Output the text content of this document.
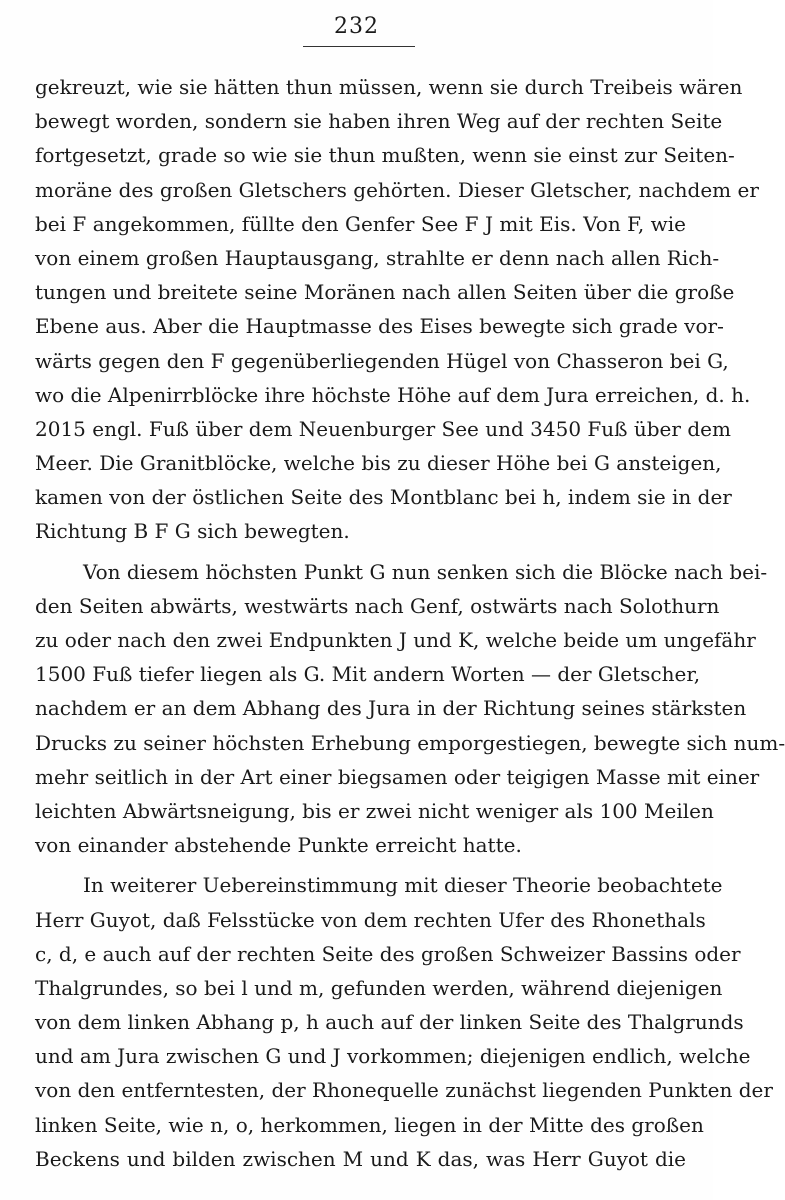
232
gekreuzt, wie sie hätten thun müssen, wenn sie durch Treibeis wären
bewegt worden, sondern sie haben ihren Weg auf der rechten Seite
fortgesetzt, grade so wie sie thun mußten, wenn sie einst zur Seiten-
moräne des großen Gletschers gehörten. Dieser Gletscher, nachdem er
bei F angekommen, füllte den Genfer See F J mit Eis. Von F, wie
von einem großen Hauptausgang, strahlte er denn nach allen Rich-
tungen und breitete seine Moränen nach allen Seiten über die große
Ebene aus. Aber die Hauptmasse des Eises bewegte sich grade vor-
wärts gegen den F gegenüberliegenden Hügel von Chasseron bei G,
wo die Alpenirrblöcke ihre höchste Höhe auf dem Jura erreichen, d. h.
2015 engl. Fuß über dem Neuenburger See und 3450 Fuß über dem
Meer. Die Granitblöcke, welche bis zu dieser Höhe bei G ansteigen,
kamen von der östlichen Seite des Montblanc bei h, indem sie in der
Richtung B F G sich bewegten.
Von diesem höchsten Punkt G nun senken sich die Blöcke nach bei-
den Seiten abwärts, westwärts nach Genf, ostwärts nach Solothurn
zu oder nach den zwei Endpunkten J und K, welche beide um ungefähr
1500 Fuß tiefer liegen als G. Mit andern Worten — der Gletscher,
nachdem er an dem Abhang des Jura in der Richtung seines stärksten
Drucks zu seiner höchsten Erhebung emporgestiegen, bewegte sich num-
mehr seitlich in der Art einer biegsamen oder teigigen Masse mit einer
leichten Abwärtsneigung, bis er zwei nicht weniger als 100 Meilen
von einander abstehende Punkte erreicht hatte.
In weiterer Uebereinstimmung mit dieser Theorie beobachtete
Herr Guyot, daß Felsstücke von dem rechten Ufer des Rhonethals
c, d, e auch auf der rechten Seite des großen Schweizer Bassins oder
Thalgrundes, so bei l und m, gefunden werden, während diejenigen
von dem linken Abhang p, h auch auf der linken Seite des Thalgrunds
und am Jura zwischen G und J vorkommen; diejenigen endlich, welche
von den entferntesten, der Rhonequelle zunächst liegenden Punkten der
linken Seite, wie n, o, herkommen, liegen in der Mitte des großen
Beckens und bilden zwischen M und K das, was Herr Guyot die
